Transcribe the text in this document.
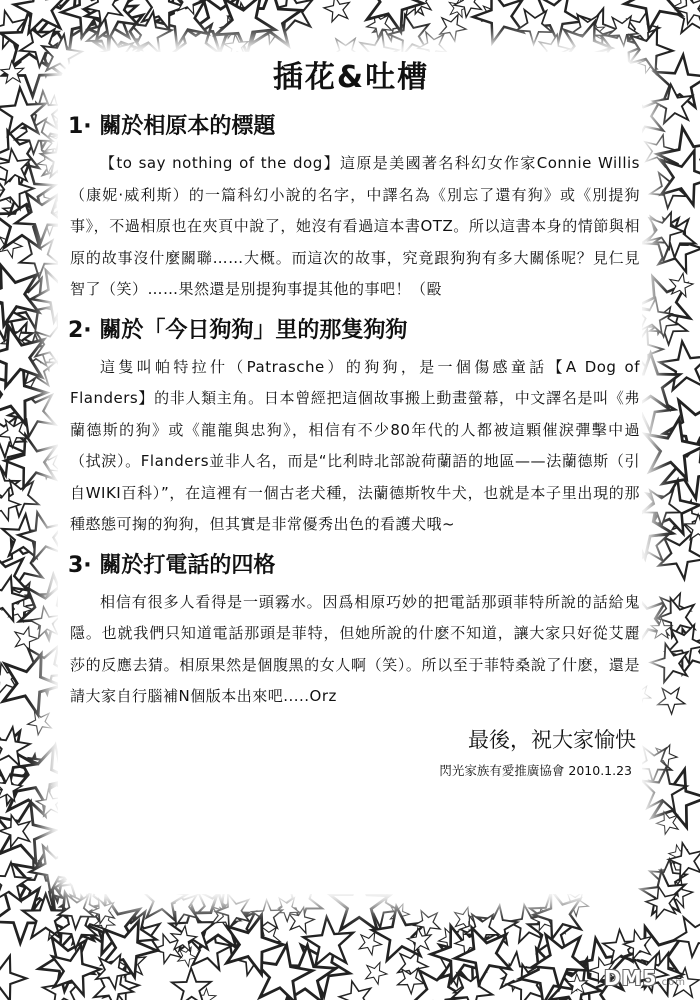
插花&吐槽
1· 關於相原本的標題

【to say nothing of the dog】這原是美國著名科幻女作家Connie Willis（康妮·威利斯）的一篇科幻小說的名字，中譯名為《別忘了還有狗》或《別提狗事》，不過相原也在夾頁中說了，她沒有看過這本書OTZ。所以這書本身的情節與相原的故事沒什麼關聯……大概。而這次的故事，究竟跟狗狗有多大關係呢？見仁見智了（笑）……果然還是別提狗事提其他的事吧！（毆

2· 關於「今日狗狗」里的那隻狗狗

這隻叫帕特拉什（Patrasche）的狗狗，是一個傷感童話【A Dog of Flanders】的非人類主角。日本曾經把這個故事搬上動畫螢幕，中文譯名是叫《弗蘭德斯的狗》或《龍龍與忠狗》，相信有不少80年代的人都被這顆催淚彈擊中過（拭淚）。Flanders並非人名，而是“比利時北部說荷蘭語的地區——法蘭德斯（引自WIKI百科）”，在這裡有一個古老犬種，法蘭德斯牧牛犬，也就是本子里出現的那種憨態可掬的狗狗，但其實是非常優秀出色的看護犬哦~

3· 關於打電話的四格

相信有很多人看得是一頭霧水。因爲相原巧妙的把電話那頭菲特所說的話給鬼隱。也就我們只知道電話那頭是菲特，但她所說的什麽不知道，讓大家只好從艾麗莎的反應去猜。相原果然是個腹黑的女人啊（笑）。所以至于菲特桑說了什麽，還是請大家自行腦補N個版本出來吧.....Orz

最後，祝大家愉快
閃光家族有愛推廣協會 2010.1.23
DM5.com
